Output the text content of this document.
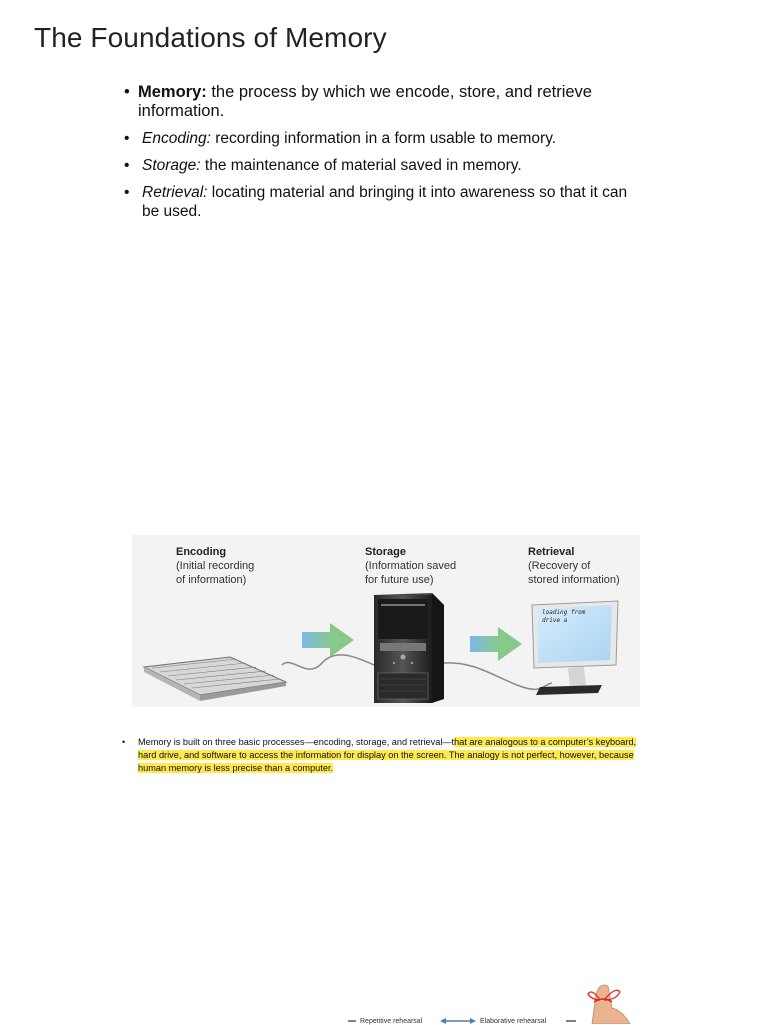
The Foundations of Memory
• Memory: the process by which we encode, store, and retrieve information.
• Encoding: recording information in a form usable to memory.
• Storage: the maintenance of material saved in memory.
• Retrieval: locating material and bringing it into awareness so that it can be used.
Encoding
(Initial recording
of information)
Storage
(Information saved
for future use)
Retrieval
(Recovery of
stored information)
loading from
drive a
•	Memory is built on three basic processes—encoding, storage, and retrieval—that are analogous to a computer’s keyboard, hard drive, and software to access the information for display on the screen. The analogy is not perfect, however, because human memory is less precise than a computer.
Repetitive rehearsal	Elaborative rehearsal
